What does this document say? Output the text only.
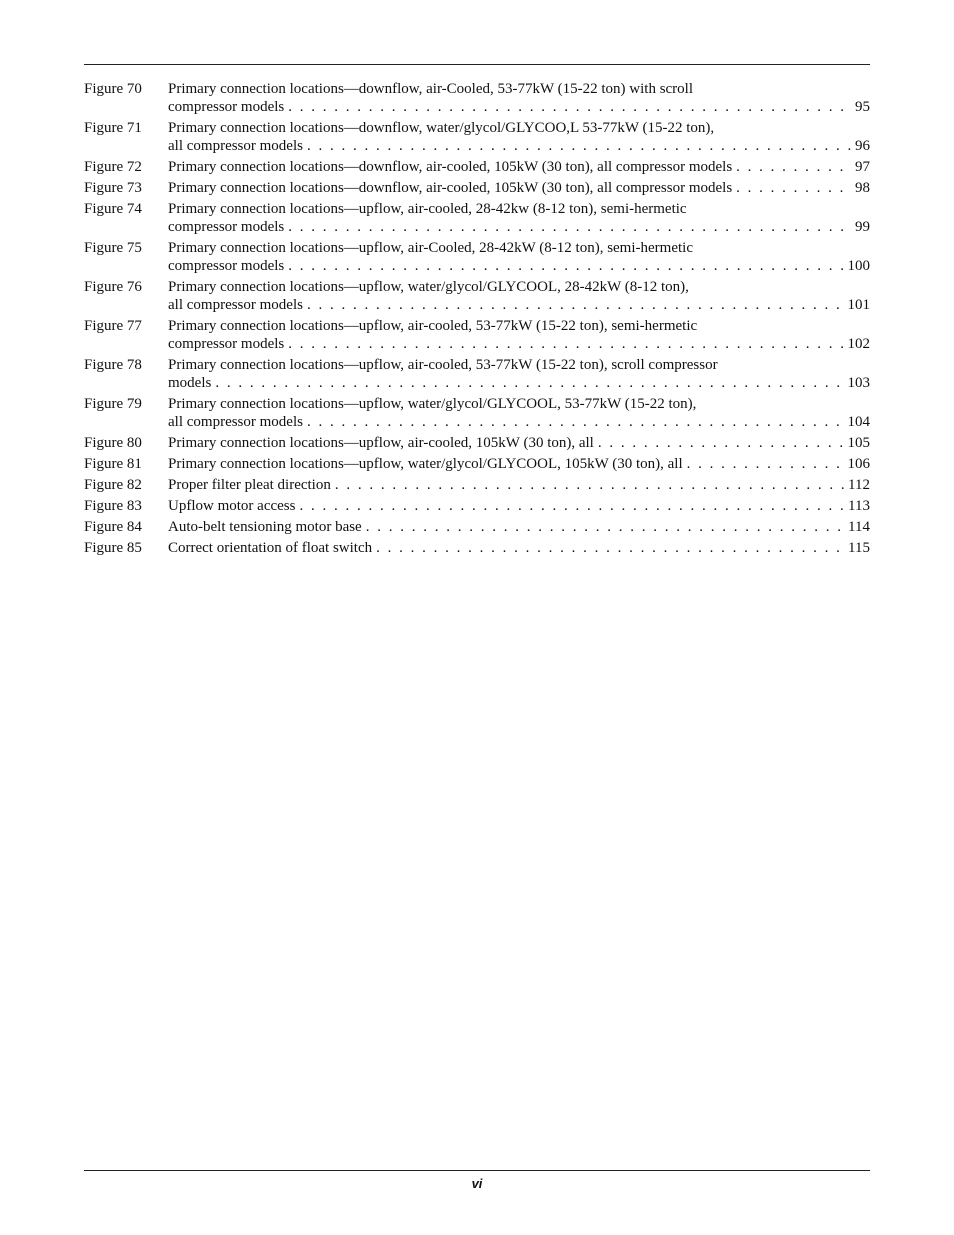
Figure 70	Primary connection locations—downflow, air-Cooled, 53-77kW (15-22 ton) with scroll
compressor models . . .	95
Figure 71	Primary connection locations—downflow, water/glycol/GLYCOO,L 53-77kW (15-22 ton),
all compressor models . . .	96
Figure 72	Primary connection locations—downflow, air-cooled, 105kW (30 ton), all compressor models . . .	97
Figure 73	Primary connection locations—downflow, air-cooled, 105kW (30 ton), all compressor models . . .	98
Figure 74	Primary connection locations—upflow, air-cooled, 28-42kw (8-12 ton), semi-hermetic
compressor models . . .	99
Figure 75	Primary connection locations—upflow, air-Cooled, 28-42kW (8-12 ton), semi-hermetic
compressor models . . .	100
Figure 76	Primary connection locations—upflow, water/glycol/GLYCOOL, 28-42kW (8-12 ton),
all compressor models . . .	101
Figure 77	Primary connection locations—upflow, air-cooled, 53-77kW (15-22 ton), semi-hermetic
compressor models . . .	102
Figure 78	Primary connection locations—upflow, air-cooled, 53-77kW (15-22 ton), scroll compressor
models . . .	103
Figure 79	Primary connection locations—upflow, water/glycol/GLYCOOL, 53-77kW (15-22 ton),
all compressor models . . .	104
Figure 80	Primary connection locations—upflow, air-cooled, 105kW (30 ton), all . . .	105
Figure 81	Primary connection locations—upflow, water/glycol/GLYCOOL, 105kW (30 ton), all . . .	106
Figure 82	Proper filter pleat direction . . .	112
Figure 83	Upflow motor access . . .	113
Figure 84	Auto-belt tensioning motor base . . .	114
Figure 85	Correct orientation of float switch . . .	115
vi
